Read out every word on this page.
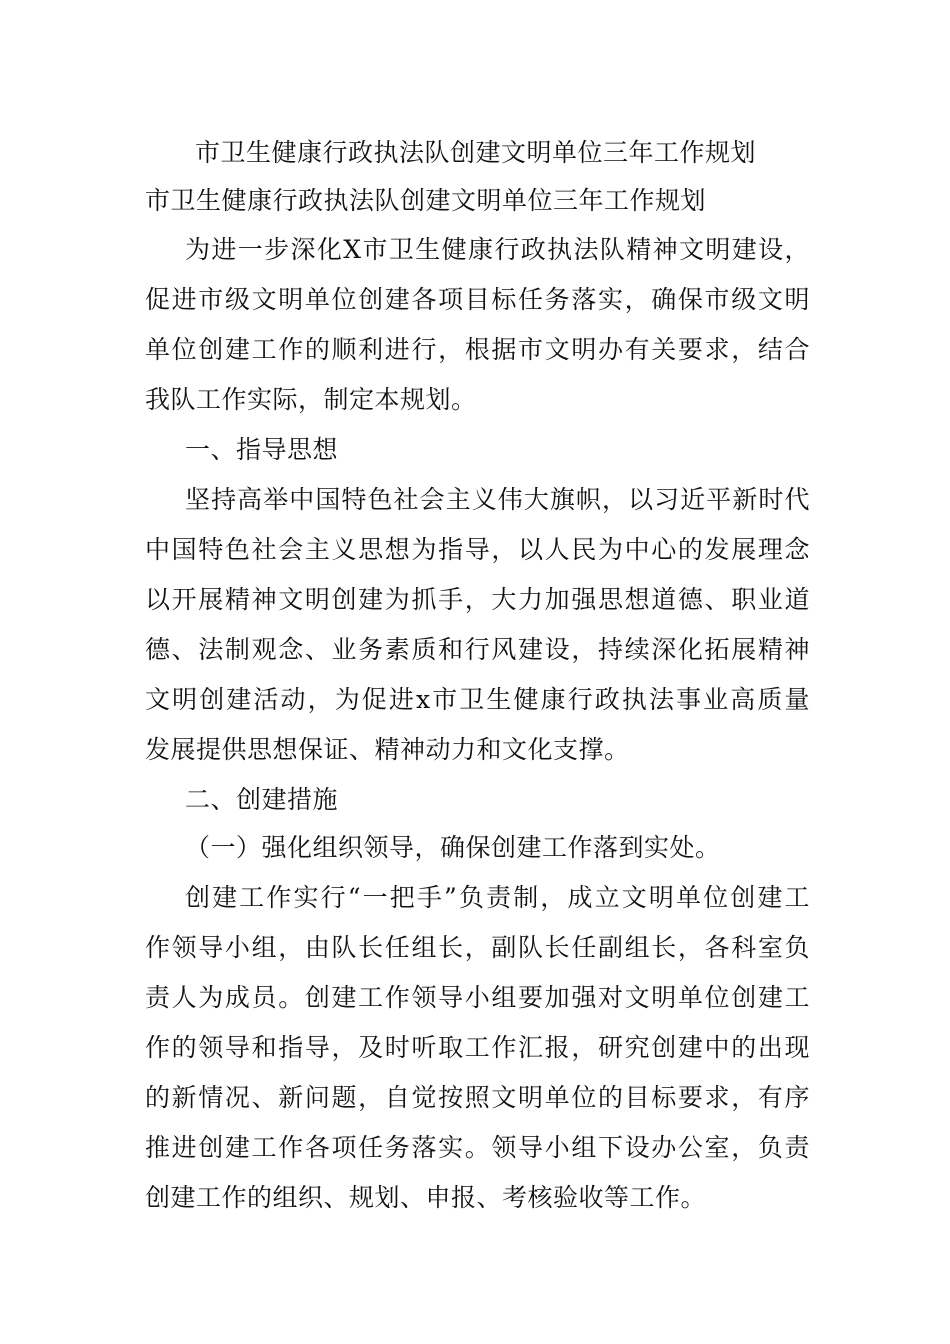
市卫生健康行政执法队创建文明单位三年工作规划
市卫生健康行政执法队创建文明单位三年工作规划
为进一步深化X市卫生健康行政执法队精神文明建设，
促进市级文明单位创建各项目标任务落实，确保市级文明
单位创建工作的顺利进行，根据市文明办有关要求，结合
我队工作实际，制定本规划。
一、指导思想
坚持高举中国特色社会主义伟大旗帜，以习近平新时代
中国特色社会主义思想为指导，以人民为中心的发展理念
以开展精神文明创建为抓手，大力加强思想道德、职业道
德、法制观念、业务素质和行风建设，持续深化拓展精神
文明创建活动，为促进x市卫生健康行政执法事业高质量
发展提供思想保证、精神动力和文化支撑。
二、创建措施
（一）强化组织领导，确保创建工作落到实处。
创建工作实行“一把手”负责制，成立文明单位创建工
作领导小组，由队长任组长，副队长任副组长，各科室负
责人为成员。创建工作领导小组要加强对文明单位创建工
作的领导和指导，及时听取工作汇报，研究创建中的出现
的新情况、新问题，自觉按照文明单位的目标要求，有序
推进创建工作各项任务落实。领导小组下设办公室，负责
创建工作的组织、规划、申报、考核验收等工作。
